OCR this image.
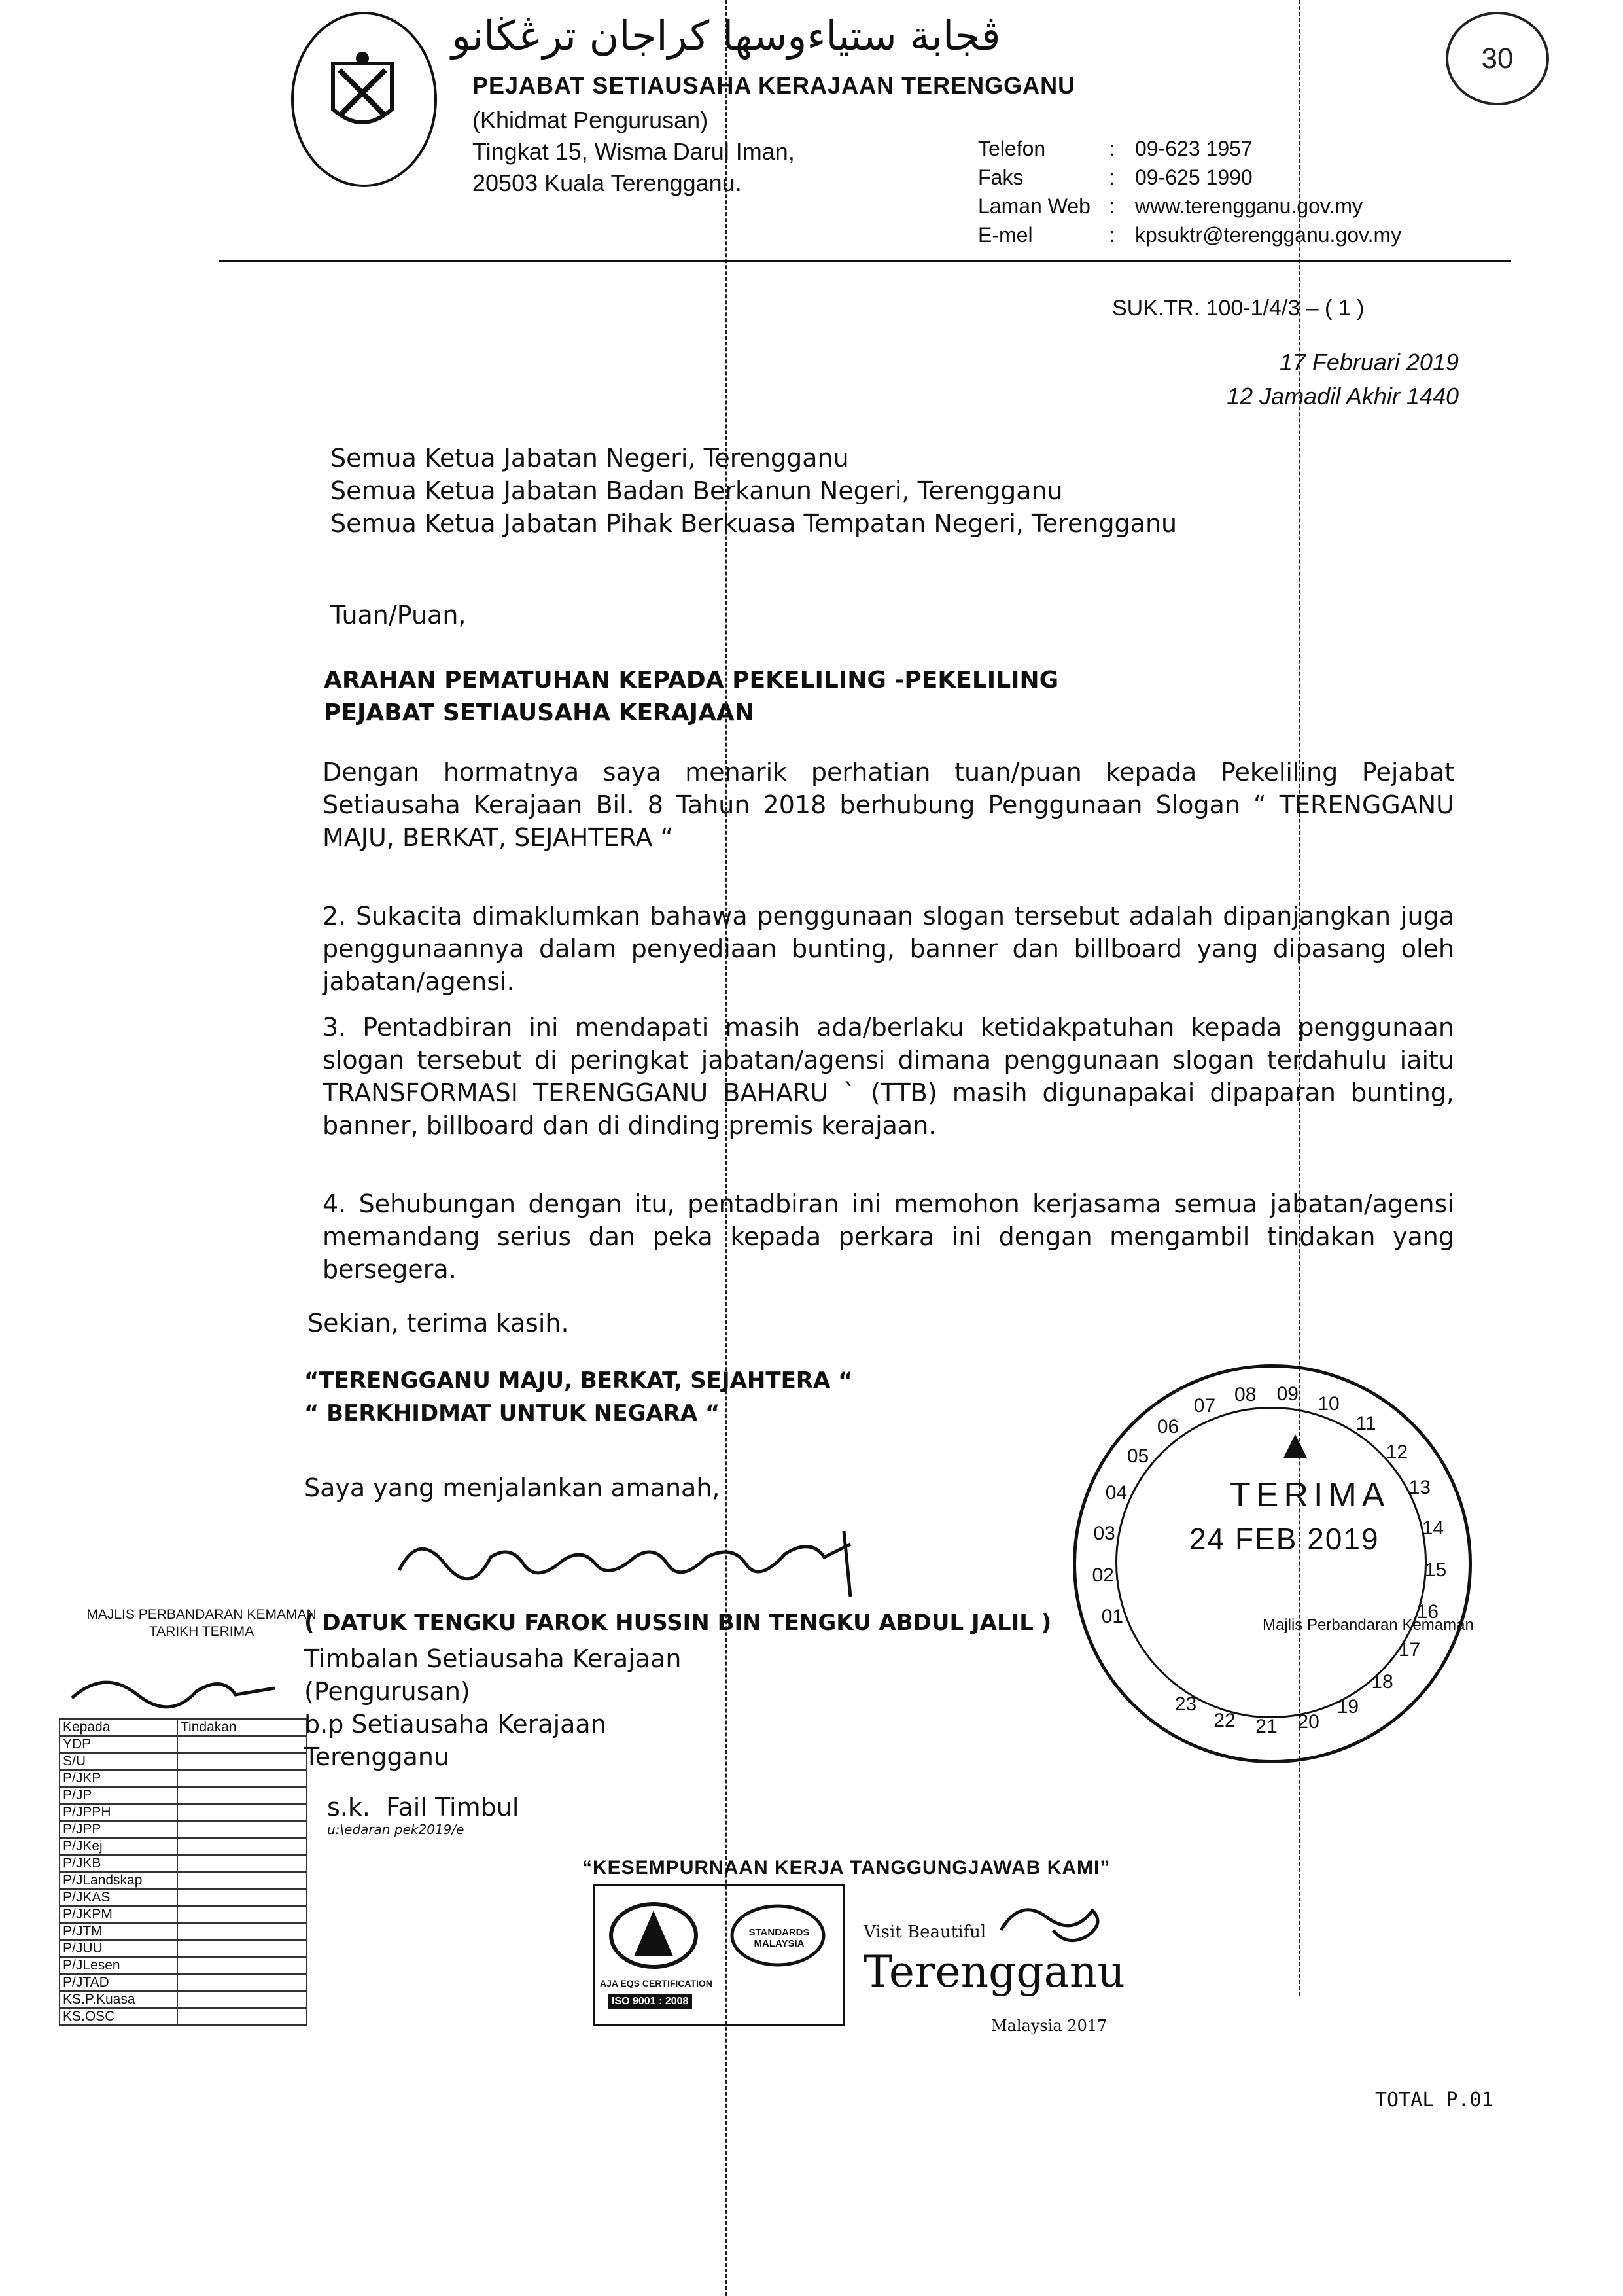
ڤجابة ستياءوسها كراجان ترڠڬانو
PEJABAT SETIAUSAHA KERAJAAN TERENGGANU
(Khidmat Pengurusan)
Tingkat 15, Wisma Darul Iman,
20503 Kuala Terengganu.
Telefon	: 09-623 1957
Faks	: 09-625 1990
Laman Web : www.terengganu.gov.my
E-mel	: kpsuktr@terengganu.gov.my
30
SUK.TR. 100-1/4/3 – ( 1 )
17 Februari 2019
12 Jamadil Akhir 1440
Semua Ketua Jabatan Negeri, Terengganu
Semua Ketua Jabatan Badan Berkanun Negeri, Terengganu
Semua Ketua Jabatan Pihak Berkuasa Tempatan Negeri, Terengganu
Tuan/Puan,
ARAHAN PEMATUHAN KEPADA PEKELILING -PEKELILING
PEJABAT SETIAUSAHA KERAJAAN
Dengan hormatnya saya menarik perhatian tuan/puan kepada Pekeliling Pejabat Setiausaha Kerajaan Bil. 8 Tahun 2018 berhubung Penggunaan Slogan “ TERENGGANU MAJU, BERKAT, SEJAHTERA “
2. Sukacita dimaklumkan bahawa penggunaan slogan tersebut adalah dipanjangkan juga penggunaannya dalam penyediaan bunting, banner dan billboard yang dipasang oleh jabatan/agensi.
3. Pentadbiran ini mendapati masih ada/berlaku ketidakpatuhan kepada penggunaan slogan tersebut di peringkat jabatan/agensi dimana penggunaan slogan terdahulu iaitu TRANSFORMASI TERENGGANU BAHARU ` (TTB) masih digunapakai dipaparan bunting, banner, billboard dan di dinding premis kerajaan.
4. Sehubungan dengan itu, pentadbiran ini memohon kerjasama semua jabatan/agensi memandang serius dan peka kepada perkara ini dengan mengambil tindakan yang bersegera.
Sekian, terima kasih.
“TERENGGANU MAJU, BERKAT, SEJAHTERA “
“ BERKHIDMAT UNTUK NEGARA “
Saya yang menjalankan amanah,
( DATUK TENGKU FAROK HUSSIN BIN TENGKU ABDUL JALIL )
Timbalan Setiausaha Kerajaan
(Pengurusan)
b.p Setiausaha Kerajaan
Terengganu
s.k. Fail Timbul
u:\edaran pek2019/e
01
02
03
04
05
06
07
08 09 10
11
12
13
14
15
16
17
18
19
20
21
22
23
TERIMA
24 FEB 2019
Majlis Perbandaran Kemaman
MAJLIS PERBANDARAN KEMAMAN
TARIKH TERIMA
Kepada	Tindakan
YDP	
S/U	
P/JKP	
P/JP	
P/JPPH	
P/JPP	
P/JKej	
P/JKB	
P/JLandskap	
P/JKAS	
P/JKPM	
P/JTM	
P/JUU	
P/JLesen	
P/JTAD	
KS.P.Kuasa	
KS.OSC	
“KESEMPURNAAN KERJA TANGGUNGJAWAB KAMI”
AJA EQS CERTIFICATION
ISO 9001 : 2008
STANDARDS MALAYSIA
Visit Beautiful
Terengganu
Malaysia 2017
TOTAL P.01
